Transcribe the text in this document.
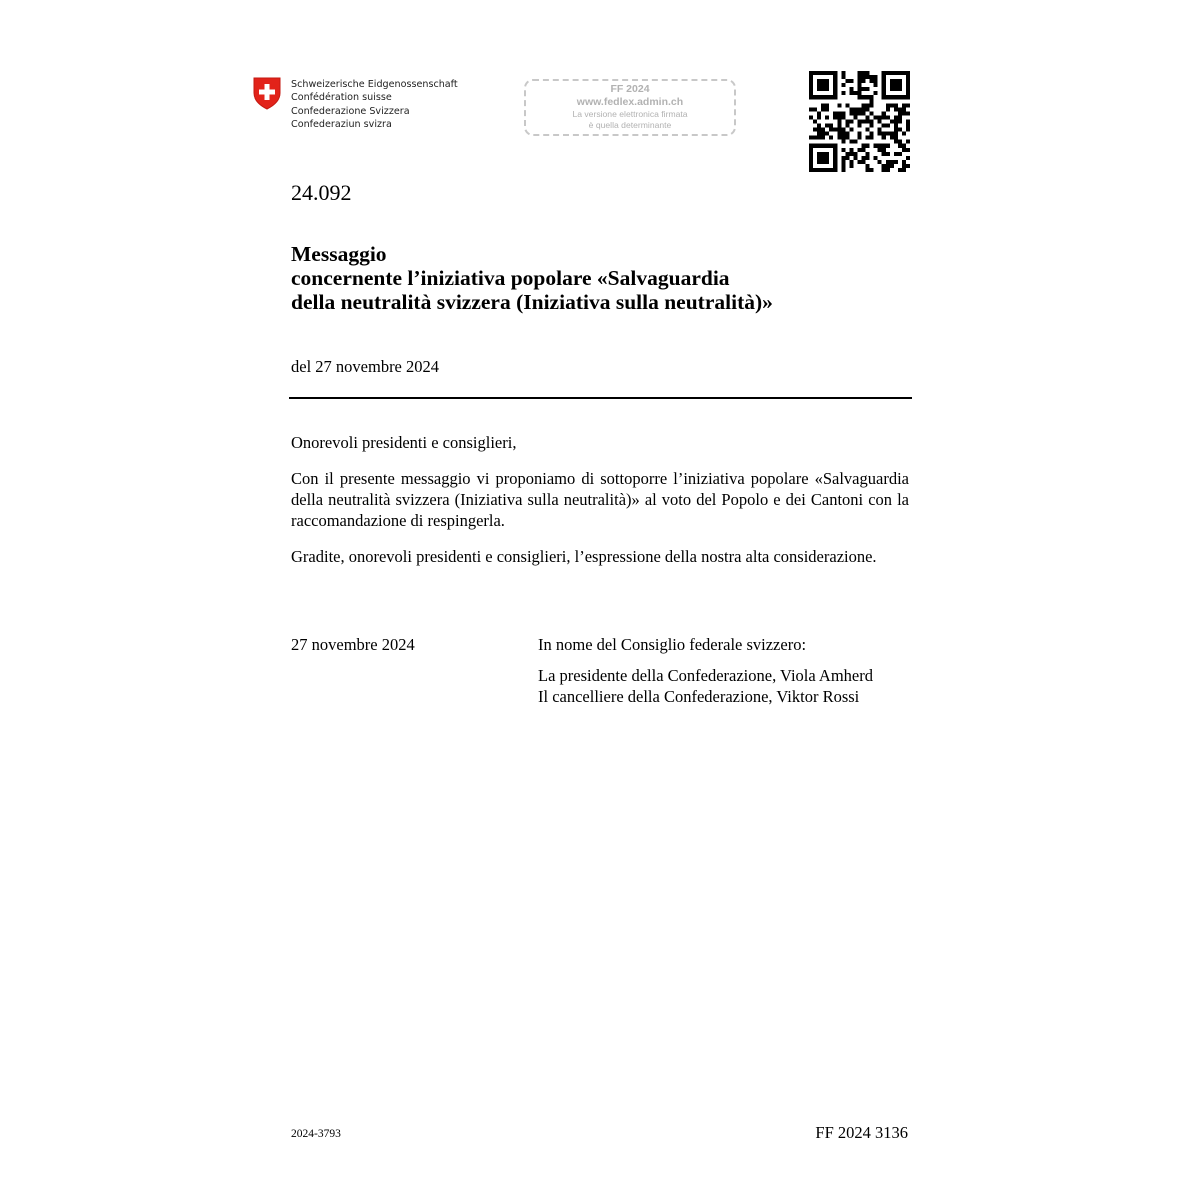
Schweizerische Eidgenossenschaft
Confédération suisse
Confederazione Svizzera
Confederaziun svizra
FF 2024
www.fedlex.admin.ch
La versione elettronica firmata
è quella determinante
24.092
Messaggio
concernente l’iniziativa popolare «Salvaguardia
della neutralità svizzera (Iniziativa sulla neutralità)»
del 27 novembre 2024
Onorevoli presidenti e consiglieri,
Con il presente messaggio vi proponiamo di sottoporre l’iniziativa popolare «Salvaguardia della neutralità svizzera (Iniziativa sulla neutralità)» al voto del Popolo e dei Cantoni con la raccomandazione di respingerla.
Gradite, onorevoli presidenti e consiglieri, l’espressione della nostra alta considerazione.
27 novembre 2024	In nome del Consiglio federale svizzero:
La presidente della Confederazione, Viola Amherd
Il cancelliere della Confederazione, Viktor Rossi
2024-3793	FF 2024 3136
